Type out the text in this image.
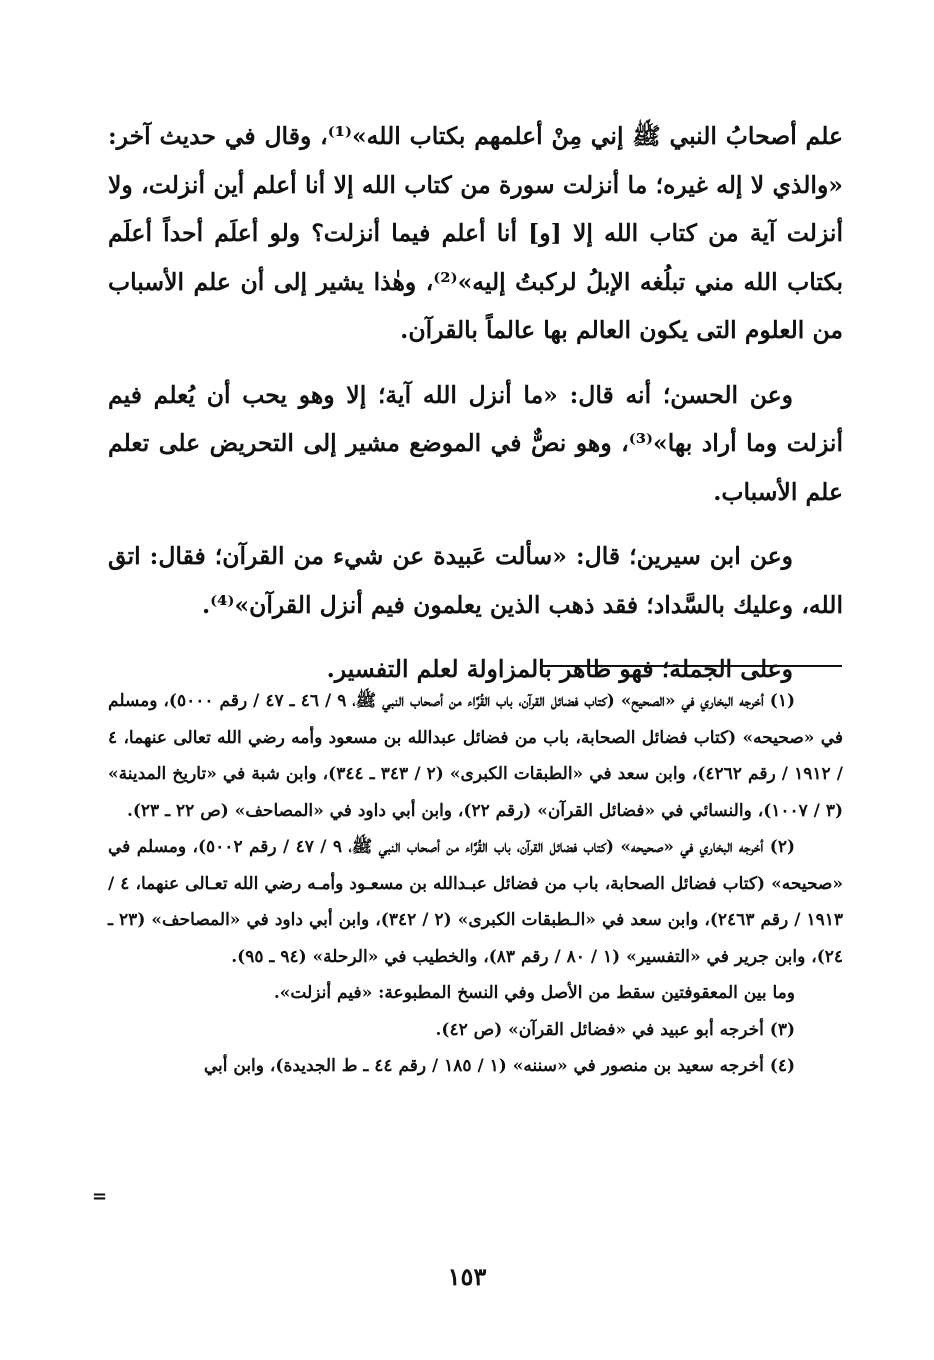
علم أصحابُ النبي ﷺ إني مِنْ أعلمهم بكتاب الله»⁽¹⁾، وقال في حديث آخر: «والذي لا إله غيره؛ ما أنزلت سورة من كتاب الله إلا أنا أعلم أين أنزلت، ولا أنزلت آية من كتاب الله إلا [و] أنا أعلم فيما أنزلت؟ ولو أعلَم أحداً أعلَم بكتاب الله مني تبلُغه الإبلُ لركبتُ إليه»⁽²⁾، وهٰذا يشير إلى أن علم الأسباب من العلوم التى يكون العالم بها عالماً بالقرآن.

وعن الحسن؛ أنه قال: «ما أنزل الله آية؛ إلا وهو يحب أن يُعلم فيم أنزلت وما أراد بها»⁽³⁾، وهو نصٌّ في الموضع مشير إلى التحريض على تعلم علم الأسباب.

وعن ابن سيرين؛ قال: «سألت عَبيدة عن شيء من القرآن؛ فقال: اتق الله، وعليك بالسَّداد؛ فقد ذهب الذين يعلمون فيم أنزل القرآن»⁽⁴⁾.

وعلى الجملة؛ فهو ظاهر بالمزاولة لعلم التفسير.

(١) أخرجه البخاري في «الصحيح» (كتاب فضائل القرآن، باب القُرَّاء من أصحاب النبي ﷺ، ٩ / ٤٦ ـ ٤٧ / رقم ٥٠٠٠)، ومسلم في «صحيحه» (كتاب فضائل الصحابة، باب من فضائل عبدالله بن مسعود وأمه رضي الله تعالى عنهما، ٤ / ١٩١٢ / رقم ٤٢٦٢)، وابن سعد في «الطبقات الكبرى» (٢ / ٣٤٣ ـ ٣٤٤)، وابن شبة في «تاريخ المدينة» (٣ / ١٠٠٧)، والنسائي في «فضائل القرآن» (رقم ٢٢)، وابن أبي داود في «المصاحف» (ص ٢٢ ـ ٢٣).

(٢) أخرجه البخاري في «صحيحه» (كتاب فضائل القرآن، باب القُرَّاء من أصحاب النبي ﷺ، ٩ / ٤٧ / رقم ٥٠٠٢)، ومسلم في «صحيحه» (كتاب فضائل الصحابة، باب من فضائل عبـدالله بن مسعـود وأمـه رضي الله تعـالى عنهما، ٤ / ١٩١٣ / رقم ٢٤٦٣)، وابن سعد في «الـطبقات الكبرى» (٢ / ٣٤٢)، وابن أبي داود في «المصاحف» (٢٣ ـ ٢٤)، وابن جرير في «التفسير» (١ / ٨٠ / رقم ٨٣)، والخطيب في «الرحلة» (٩٤ ـ ٩٥).

وما بين المعقوفتين سقط من الأصل وفي النسخ المطبوعة: «فيم أنزلت».

(٣) أخرجه أبو عبيد في «فضائل القرآن» (ص ٤٢).

(٤) أخرجه سعيد بن منصور في «سننه» (١ / ١٨٥ / رقم ٤٤ ـ ط الجديدة)، وابن أبي

=
١٥٣
